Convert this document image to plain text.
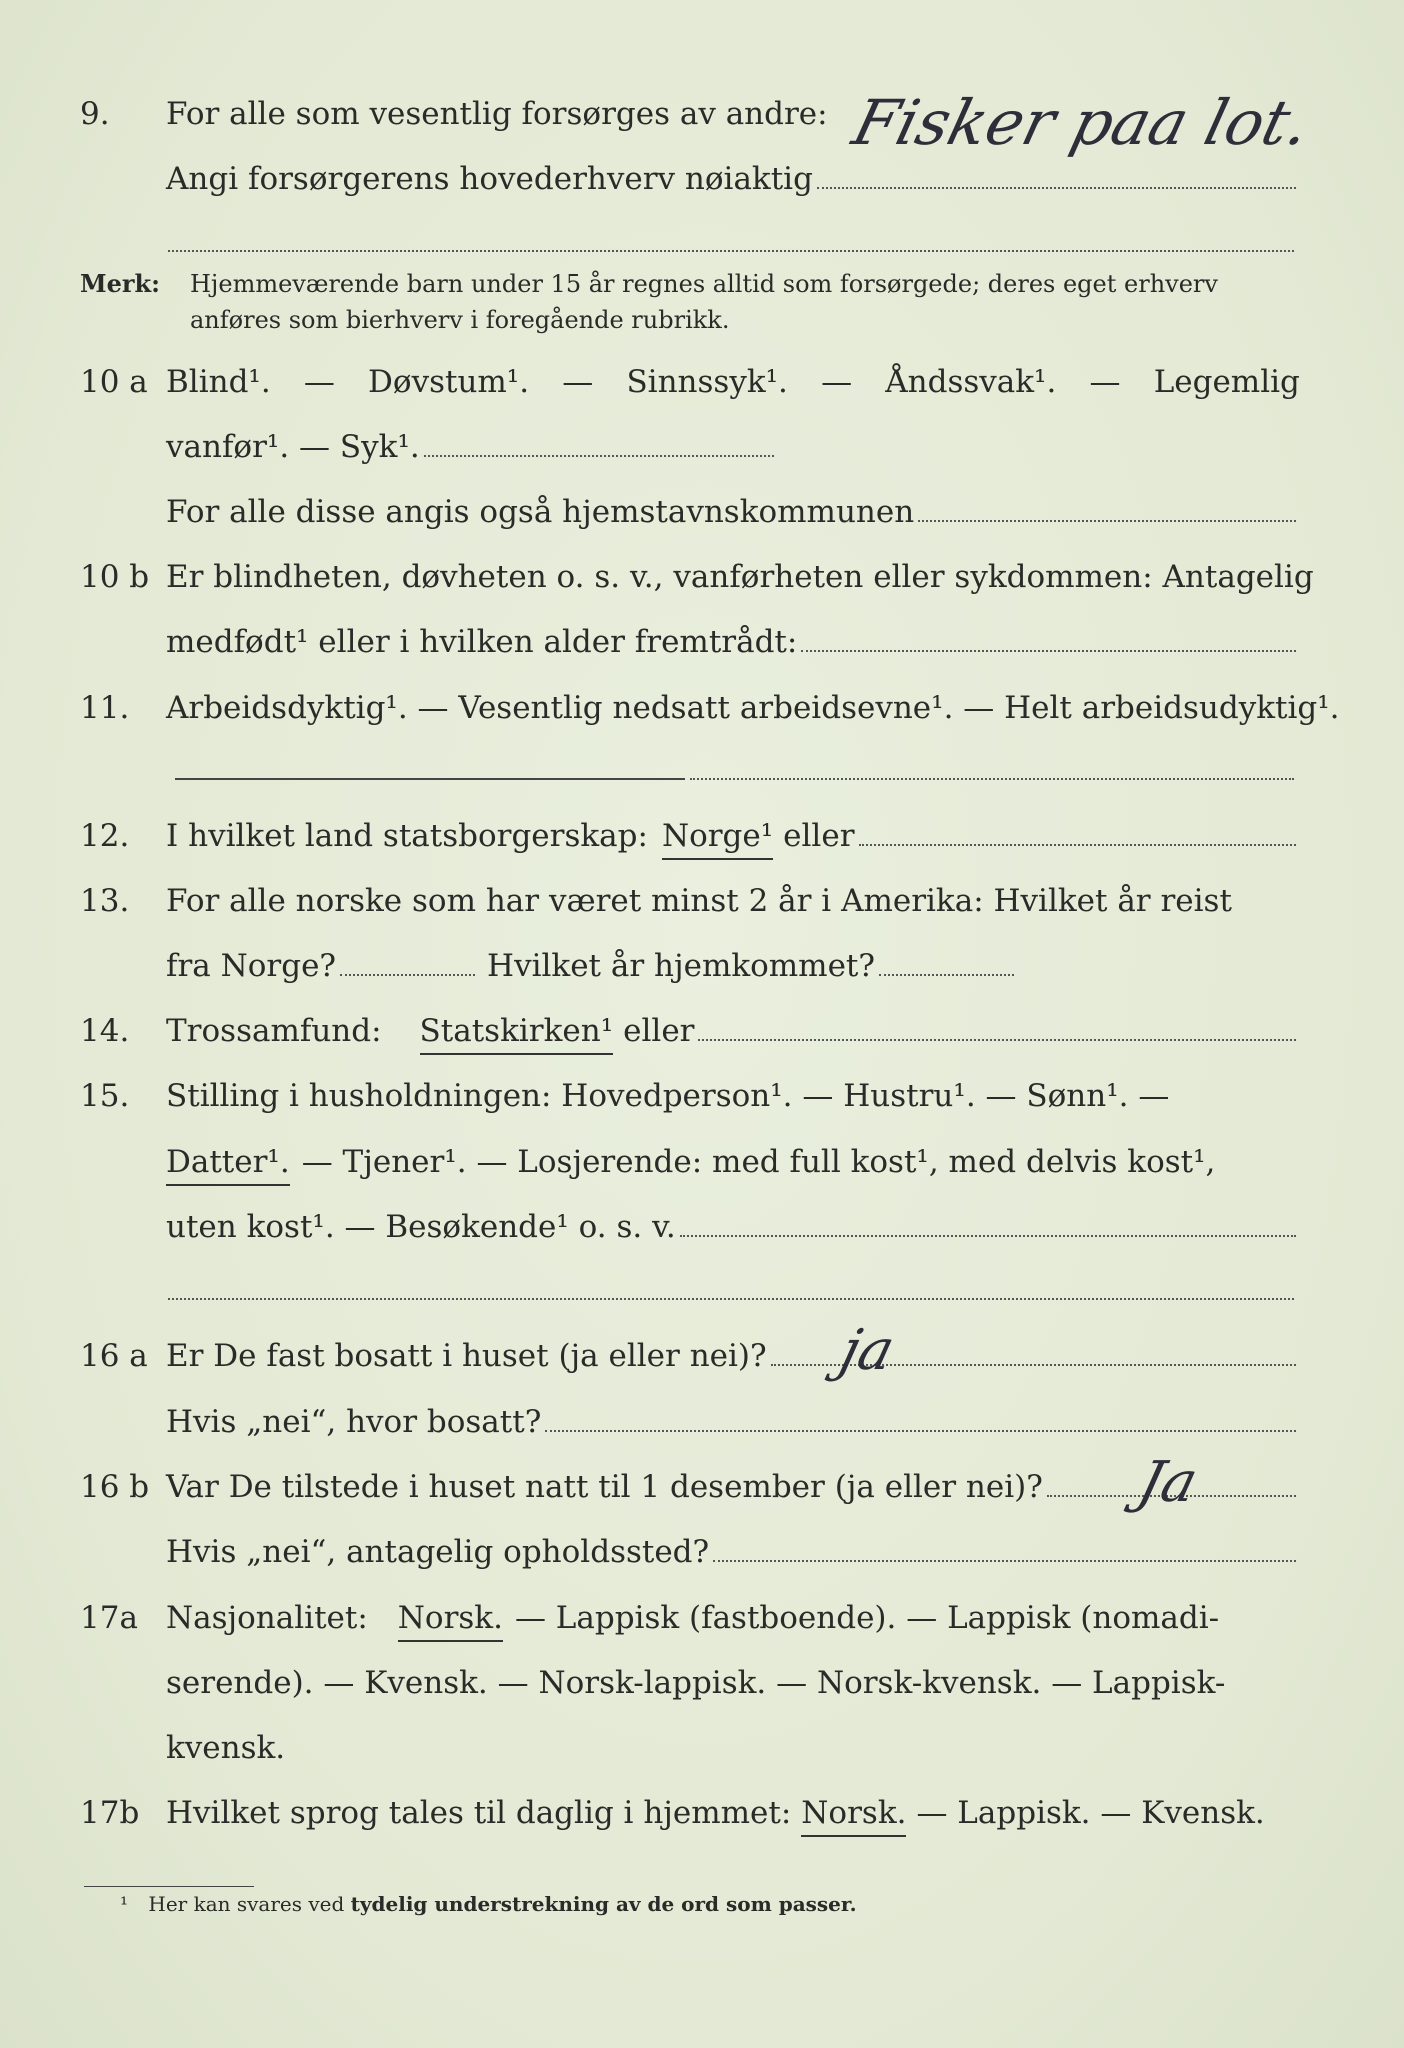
9.	For alle som vesentlig forsørges av andre:
Angi forsørgerens hovederhverv nøiaktig
Fisker paa lot.
Merk: Hjemmeværende barn under 15 år regnes alltid som forsørgede; deres eget erhverv
anføres som bierhverv i foregående rubrikk.
10 a Blind¹. — Døvstum¹. — Sinnssyk¹. — Åndssvak¹. — Legemlig
vanfør¹. — Syk¹.
For alle disse angis også hjemstavnskommunen
10 b Er blindheten, døvheten o. s. v., vanførheten eller sykdommen: Antagelig
medfødt¹ eller i hvilken alder fremtrådt:
11.	Arbeidsdyktig¹. — Vesentlig nedsatt arbeidsevne¹. — Helt arbeidsudyktig¹.
12.	I hvilket land statsborgerskap: Norge¹ eller
13.	For alle norske som har været minst 2 år i Amerika: Hvilket år reist
fra Norge?	Hvilket år hjemkommet?
14.	Trossamfund: Statskirken¹ eller
15.	Stilling i husholdningen: Hovedperson¹. — Hustru¹. — Sønn¹. —
Datter¹. — Tjener¹. — Losjerende: med full kost¹, med delvis kost¹,
uten kost¹. — Besøkende¹ o. s. v.
16 a Er De fast bosatt i huset (ja eller nei)? ja
Hvis „nei“, hvor bosatt?
16 b Var De tilstede i huset natt til 1 desember (ja eller nei)? Ja
Hvis „nei“, antagelig opholdssted?
17a Nasjonalitet: Norsk. — Lappisk (fastboende). — Lappisk (nomadi-
serende). — Kvensk. — Norsk-lappisk. — Norsk-kvensk. — Lappisk-
kvensk.
17b Hvilket sprog tales til daglig i hjemmet: Norsk. — Lappisk. — Kvensk.
¹ Her kan svares ved tydelig understrekning av de ord som passer.
